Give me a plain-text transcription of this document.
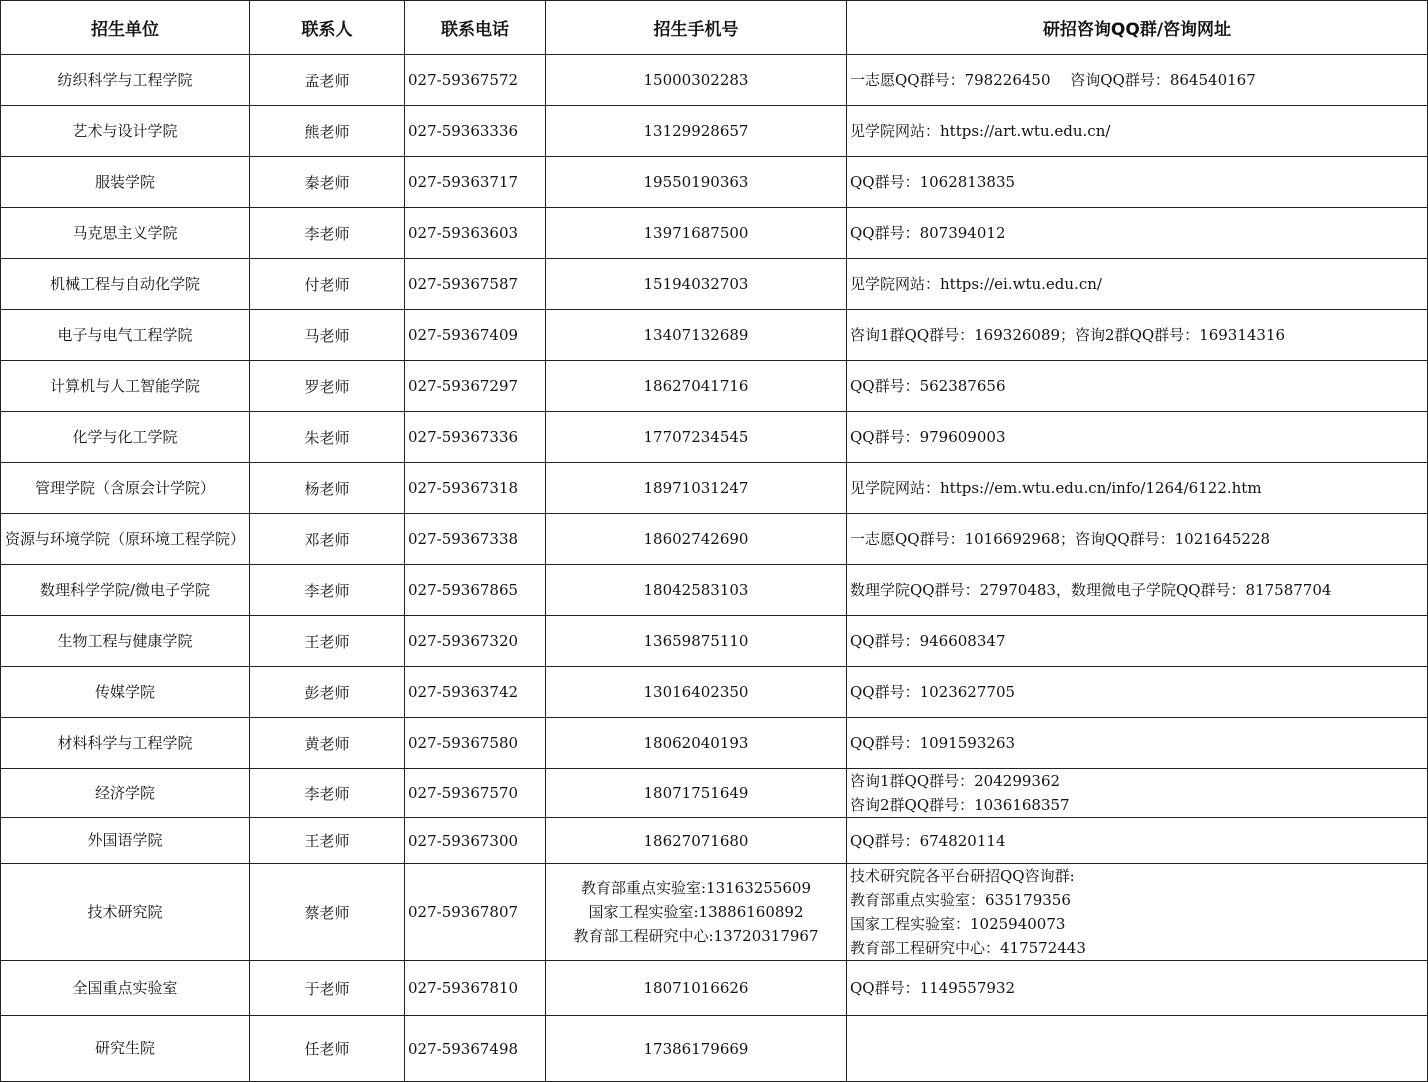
招生单位	联系人	联系电话	招生手机号	研招咨询QQ群/咨询网址
纺织科学与工程学院	孟老师	027-59367572	15000302283	一志愿QQ群号：798226450　 咨询QQ群号：864540167

艺术与设计学院	熊老师	027-59363336	13129928657	见学院网站：https://art.wtu.edu.cn/

服装学院	秦老师	027-59363717	19550190363	QQ群号：1062813835

马克思主义学院	李老师	027-59363603	13971687500	QQ群号：807394012

机械工程与自动化学院	付老师	027-59367587	15194032703	见学院网站：https://ei.wtu.edu.cn/

电子与电气工程学院	马老师	027-59367409	13407132689	咨询1群QQ群号：169326089；咨询2群QQ群号：169314316

计算机与人工智能学院	罗老师	027-59367297	18627041716	QQ群号：562387656

化学与化工学院	朱老师	027-59367336	17707234545	QQ群号：979609003

管理学院（含原会计学院）	杨老师	027-59367318	18971031247	见学院网站：https://em.wtu.edu.cn/info/1264/6122.htm

资源与环境学院（原环境工程学院）	邓老师	027-59367338	18602742690	一志愿QQ群号：1016692968；咨询QQ群号：1021645228

数理科学学院/微电子学院	李老师	027-59367865	18042583103	数理学院QQ群号：27970483，数理微电子学院QQ群号：817587704

生物工程与健康学院	王老师	027-59367320	13659875110	QQ群号：946608347

传媒学院	彭老师	027-59363742	13016402350	QQ群号：1023627705

材料科学与工程学院	黄老师	027-59367580	18062040193	QQ群号：1091593263

经济学院	李老师	027-59367570	18071751649	咨询1群QQ群号：204299362
咨询2群QQ群号：1036168357

外国语学院	王老师	027-59367300	18627071680	QQ群号：674820114

技术研究院	蔡老师	027-59367807	教育部重点实验室:13163255609
国家工程实验室:13886160892
教育部工程研究中心:13720317967	技术研究院各平台研招QQ咨询群:
教育部重点实验室：635179356
国家工程实验室：1025940073
教育部工程研究中心：417572443

全国重点实验室	于老师	027-59367810	18071016626	QQ群号：1149557932

研究生院	任老师	027-59367498	17386179669	
